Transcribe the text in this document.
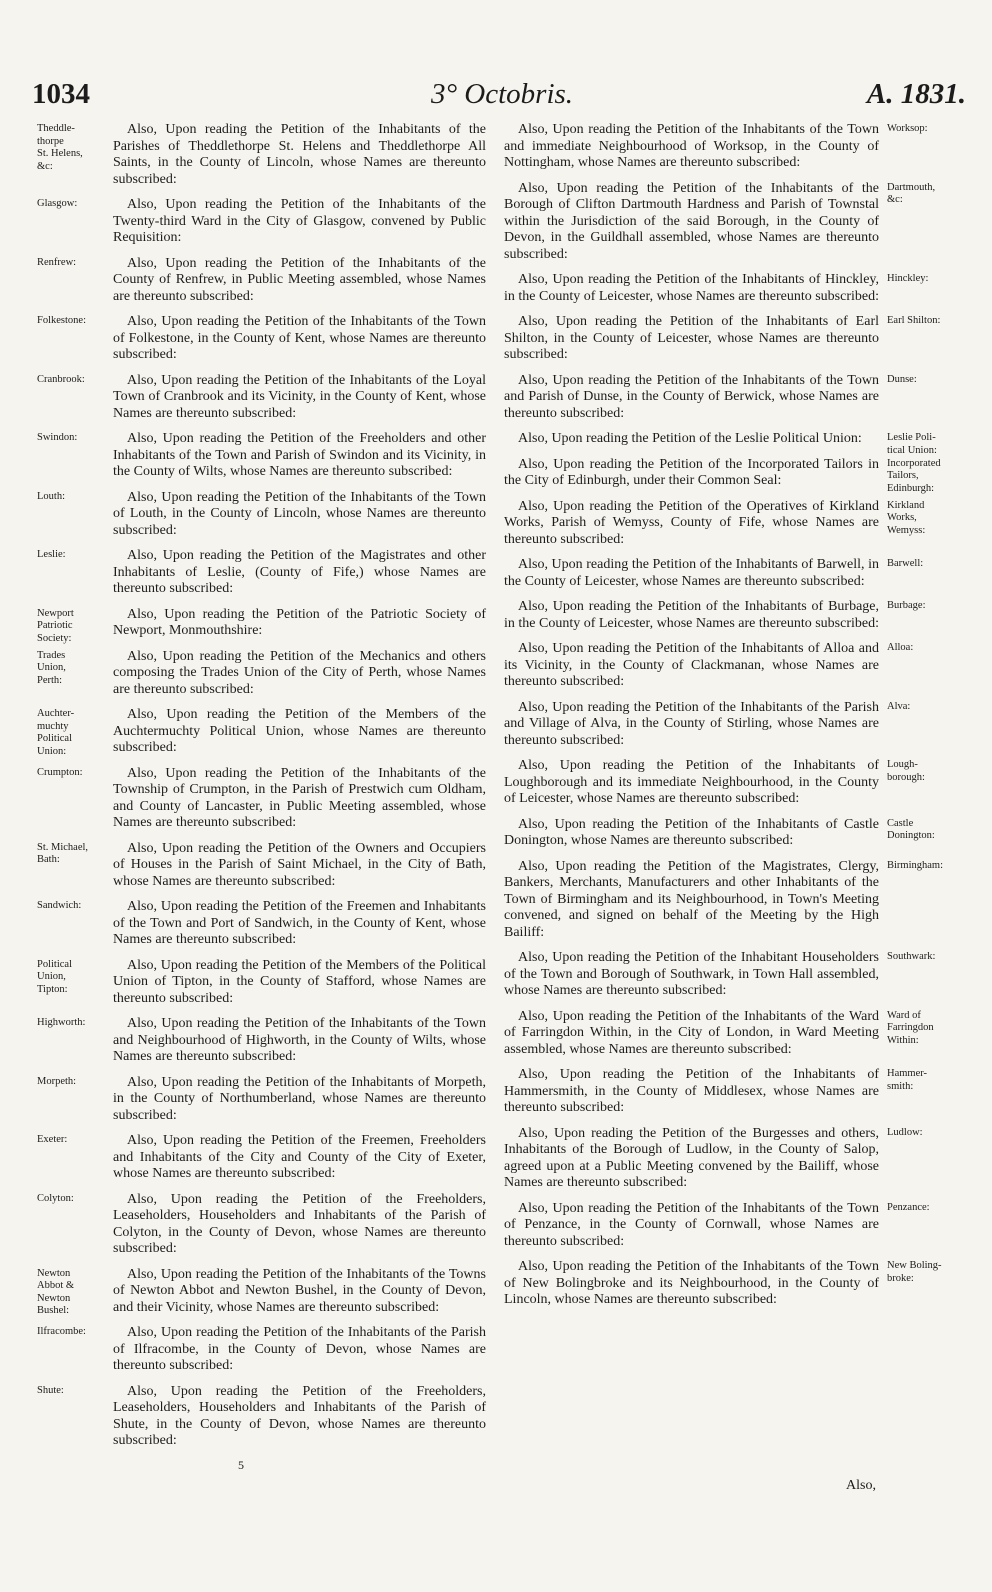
1034	3° Octobris.	A. 1831.
Theddle-
thorpe
St. Helens,
&c:

Also, Upon reading the Petition of the Inhabitants of the Parishes of Theddlethorpe St. Helens and Theddlethorpe All Saints, in the County of Lincoln, whose Names are thereunto subscribed:

Glasgow:	Also, Upon reading the Petition of the Inhabitants of the Twenty-third Ward in the City of Glasgow, convened by Public Requisition:

Renfrew:	Also, Upon reading the Petition of the Inhabitants of the County of Renfrew, in Public Meeting assembled, whose Names are thereunto subscribed:

Folkestone:	Also, Upon reading the Petition of the Inhabitants of the Town of Folkestone, in the County of Kent, whose Names are thereunto subscribed:

Cranbrook:	Also, Upon reading the Petition of the Inhabitants of the Loyal Town of Cranbrook and its Vicinity, in the County of Kent, whose Names are thereunto subscribed:

Swindon:	Also, Upon reading the Petition of the Freeholders and other Inhabitants of the Town and Parish of Swindon and its Vicinity, in the County of Wilts, whose Names are thereunto subscribed:

Louth:	Also, Upon reading the Petition of the Inhabitants of the Town of Louth, in the County of Lincoln, whose Names are thereunto subscribed:

Leslie:	Also, Upon reading the Petition of the Magistrates and other Inhabitants of Leslie, (County of Fife,) whose Names are thereunto subscribed:

Newport
Patriotic
Society:

Also, Upon reading the Petition of the Patriotic Society of Newport, Monmouthshire:

Trades
Union,
Perth:

Also, Upon reading the Petition of the Mechanics and others composing the Trades Union of the City of Perth, whose Names are thereunto subscribed:

Auchter-
muchty
Political
Union:

Also, Upon reading the Petition of the Members of the Auchtermuchty Political Union, whose Names are thereunto subscribed:

Crumpton:	Also, Upon reading the Petition of the Inhabitants of the Township of Crumpton, in the Parish of Prestwich cum Oldham, and County of Lancaster, in Public Meeting assembled, whose Names are thereunto subscribed:

St. Michael,
Bath:

Also, Upon reading the Petition of the Owners and Occupiers of Houses in the Parish of Saint Michael, in the City of Bath, whose Names are thereunto subscribed:

Sandwich:	Also, Upon reading the Petition of the Freemen and Inhabitants of the Town and Port of Sandwich, in the County of Kent, whose Names are thereunto subscribed:

Political
Union,
Tipton:

Also, Upon reading the Petition of the Members of the Political Union of Tipton, in the County of Stafford, whose Names are thereunto subscribed:

Highworth:	Also, Upon reading the Petition of the Inhabitants of the Town and Neighbourhood of Highworth, in the County of Wilts, whose Names are thereunto subscribed:

Morpeth:	Also, Upon reading the Petition of the Inhabitants of Morpeth, in the County of Northumberland, whose Names are thereunto subscribed:

Exeter:	Also, Upon reading the Petition of the Freemen, Freeholders and Inhabitants of the City and County of the City of Exeter, whose Names are thereunto subscribed:

Colyton:	Also, Upon reading the Petition of the Freeholders, Leaseholders, Householders and Inhabitants of the Parish of Colyton, in the County of Devon, whose Names are thereunto subscribed:

Newton
Abbot &
Newton
Bushel:

Also, Upon reading the Petition of the Inhabitants of the Towns of Newton Abbot and Newton Bushel, in the County of Devon, and their Vicinity, whose Names are thereunto subscribed:

Ilfracombe:	Also, Upon reading the Petition of the Inhabitants of the Parish of Ilfracombe, in the County of Devon, whose Names are thereunto subscribed:

Shute:	Also, Upon reading the Petition of the Freeholders, Leaseholders, Householders and Inhabitants of the Parish of Shute, in the County of Devon, whose Names are thereunto subscribed:

Worksop:

Also, Upon reading the Petition of the Inhabitants of the Town and immediate Neighbourhood of Worksop, in the County of Nottingham, whose Names are thereunto subscribed:

Dartmouth,
&c:

Also, Upon reading the Petition of the Inhabitants of the Borough of Clifton Dartmouth Hardness and Parish of Townstal within the Jurisdiction of the said Borough, in the County of Devon, in the Guildhall assembled, whose Names are thereunto subscribed:

Hinckley:

Also, Upon reading the Petition of the Inhabitants of Hinckley, in the County of Leicester, whose Names are thereunto subscribed:

Earl Shilton:

Also, Upon reading the Petition of the Inhabitants of Earl Shilton, in the County of Leicester, whose Names are thereunto subscribed:

Dunse:

Also, Upon reading the Petition of the Inhabitants of the Town and Parish of Dunse, in the County of Berwick, whose Names are thereunto subscribed:

Leslie Poli-
tical Union:

Also, Upon reading the Petition of the Leslie Political Union:

Incorporated
Tailors,
Edinburgh:

Also, Upon reading the Petition of the Incorporated Tailors in the City of Edinburgh, under their Common Seal:

Kirkland
Works,
Wemyss:

Also, Upon reading the Petition of the Operatives of Kirkland Works, Parish of Wemyss, County of Fife, whose Names are thereunto subscribed:

Barwell:

Also, Upon reading the Petition of the Inhabitants of Barwell, in the County of Leicester, whose Names are thereunto subscribed:

Burbage:

Also, Upon reading the Petition of the Inhabitants of Burbage, in the County of Leicester, whose Names are thereunto subscribed:

Alloa:

Also, Upon reading the Petition of the Inhabitants of Alloa and its Vicinity, in the County of Clackmanan, whose Names are thereunto subscribed:

Alva:

Also, Upon reading the Petition of the Inhabitants of the Parish and Village of Alva, in the County of Stirling, whose Names are thereunto subscribed:

Lough-
borough:

Also, Upon reading the Petition of the Inhabitants of Loughborough and its immediate Neighbourhood, in the County of Leicester, whose Names are thereunto subscribed:

Castle
Donington:

Also, Upon reading the Petition of the Inhabitants of Castle Donington, whose Names are thereunto subscribed:

Birmingham:

Also, Upon reading the Petition of the Magistrates, Clergy, Bankers, Merchants, Manufacturers and other Inhabitants of the Town of Birmingham and its Neighbourhood, in Town's Meeting convened, and signed on behalf of the Meeting by the High Bailiff:

Southwark:

Also, Upon reading the Petition of the Inhabitant Householders of the Town and Borough of Southwark, in Town Hall assembled, whose Names are thereunto subscribed:

Ward of
Farringdon
Within:

Also, Upon reading the Petition of the Inhabitants of the Ward of Farringdon Within, in the City of London, in Ward Meeting assembled, whose Names are thereunto subscribed:

Hammer-
smith:

Also, Upon reading the Petition of the Inhabitants of Hammersmith, in the County of Middlesex, whose Names are thereunto subscribed:

Ludlow:

Also, Upon reading the Petition of the Burgesses and others, Inhabitants of the Borough of Ludlow, in the County of Salop, agreed upon at a Public Meeting convened by the Bailiff, whose Names are thereunto subscribed:

Penzance:

Also, Upon reading the Petition of the Inhabitants of the Town of Penzance, in the County of Cornwall, whose Names are thereunto subscribed:

New Boling-
broke:

Also, Upon reading the Petition of the Inhabitants of the Town of New Bolingbroke and its Neighbourhood, in the County of Lincoln, whose Names are thereunto subscribed:

5
Also,
